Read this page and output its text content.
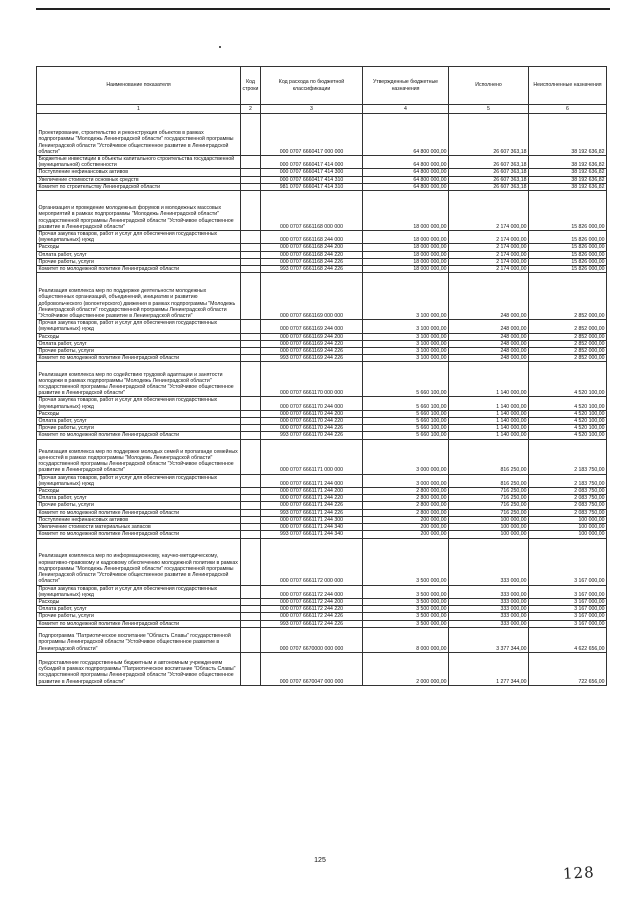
Наименование показателя	Код строки	Код расхода по бюджетной классификации	Утвержденные бюджетные назначения	Исполнено	Неисполненные назначения
1	2	3	4	5	6
Проектирование, строительство и реконструкция объектов в рамках подпрограммы "Молодежь Ленинградской области" государственной программы Ленинградской области "Устойчивое общественное развитие в Ленинградской области"		000 0707 6660417 000 000	64 800 000,00	26 607 363,18	38 192 636,82
Бюджетные инвестиции в объекты капитального строительства государственной (муниципальной) собственности		000 0707 6660417 414 000	64 800 000,00	26 607 363,18	38 192 636,82
Поступление нефинансовых активов		000 0707 6660417 414 300	64 800 000,00	26 607 363,18	38 192 636,82
Увеличение стоимости основных средств		000 0707 6660417 414 310	64 800 000,00	26 607 363,18	38 192 636,82
Комитет по строительству Ленинградской области		981 0707 6660417 414 310	64 800 000,00	26 607 363,18	38 192 636,82
Организация и проведение молодежных форумов и молодежных массовых мероприятий в рамках подпрограммы "Молодежь Ленинградской области" государственной программы Ленинградской области "Устойчивое общественное развитие в Ленинградской области"		000 0707 6661168 000 000	18 000 000,00	2 174 000,00	15 826 000,00
Прочая закупка товаров, работ и услуг для обеспечения государственных (муниципальных) нужд		000 0707 6661168 244 000	18 000 000,00	2 174 000,00	15 826 000,00
Расходы		000 0707 6661168 244 200	18 000 000,00	2 174 000,00	15 826 000,00
Оплата работ, услуг		000 0707 6661168 244 220	18 000 000,00	2 174 000,00	15 826 000,00
Прочие работы, услуги		000 0707 6661168 244 226	18 000 000,00	2 174 000,00	15 826 000,00
Комитет по молодежной политике Ленинградской области		993 0707 6661168 244 226	18 000 000,00	2 174 000,00	15 826 000,00
Реализация комплекса мер по поддержке деятельности молодежных общественных организаций, объединений, инициатив и развитию добровольческого (волонтерского) движения в рамках подпрограммы "Молодежь Ленинградской области" государственной программы Ленинградской области "Устойчивое общественное развитие в Ленинградской области"		000 0707 6661169 000 000	3 100 000,00	248 000,00	2 852 000,00
Прочая закупка товаров, работ и услуг для обеспечения государственных (муниципальных) нужд		000 0707 6661169 244 000	3 100 000,00	248 000,00	2 852 000,00
Расходы		000 0707 6661169 244 200	3 100 000,00	248 000,00	2 852 000,00
Оплата работ, услуг		000 0707 6661169 244 220	3 100 000,00	248 000,00	2 852 000,00
Прочие работы, услуги		000 0707 6661169 244 226	3 100 000,00	248 000,00	2 852 000,00
Комитет по молодежной политике Ленинградской области		993 0707 6661169 244 226	3 100 000,00	248 000,00	2 852 000,00
Реализация комплекса мер по содействию трудовой адаптации и занятости молодежи в рамках подпрограммы "Молодежь Ленинградской области" государственной программы Ленинградской области "Устойчивое общественное развитие в Ленинградской области"		000 0707 6661170 000 000	5 660 100,00	1 140 000,00	4 520 100,00
Прочая закупка товаров, работ и услуг для обеспечения государственных (муниципальных) нужд		000 0707 6661170 244 000	5 660 100,00	1 140 000,00	4 520 100,00
Расходы		000 0707 6661170 244 200	5 660 100,00	1 140 000,00	4 520 100,00
Оплата работ, услуг		000 0707 6661170 244 220	5 660 100,00	1 140 000,00	4 520 100,00
Прочие работы, услуги		000 0707 6661170 244 226	5 660 100,00	1 140 000,00	4 520 100,00
Комитет по молодежной политике Ленинградской области		993 0707 6661170 244 226	5 660 100,00	1 140 000,00	4 520 100,00
Реализация комплекса мер по поддержке молодых семей и пропаганде семейных ценностей в рамках подпрограммы "Молодежь Ленинградской области" государственной программы Ленинградской области "Устойчивое общественное развитие в Ленинградской области"		000 0707 6661171 000 000	3 000 000,00	816 250,00	2 183 750,00
Прочая закупка товаров, работ и услуг для обеспечения государственных (муниципальных) нужд		000 0707 6661171 244 000	3 000 000,00	816 250,00	2 183 750,00
Расходы		000 0707 6661171 244 200	2 800 000,00	716 250,00	2 083 750,00
Оплата работ, услуг		000 0707 6661171 244 220	2 800 000,00	716 250,00	2 083 750,00
Прочие работы, услуги		000 0707 6661171 244 226	2 800 000,00	716 250,00	2 083 750,00
Комитет по молодежной политике Ленинградской области		993 0707 6661171 244 226	2 800 000,00	716 250,00	2 083 750,00
Поступление нефинансовых активов		000 0707 6661171 244 300	200 000,00	100 000,00	100 000,00
Увеличение стоимости материальных запасов		000 0707 6661171 244 340	200 000,00	100 000,00	100 000,00
Комитет по молодежной политике Ленинградской области		993 0707 6661171 244 340	200 000,00	100 000,00	100 000,00
Реализация комплекса мер по информационному, научно-методическому, нормативно-правовому и кадровому обеспечению молодежной политики в рамках подпрограммы "Молодежь Ленинградской области" государственной программы Ленинградской области "Устойчивое общественное развитие в Ленинградской области"		000 0707 6661172 000 000	3 500 000,00	333 000,00	3 167 000,00
Прочая закупка товаров, работ и услуг для обеспечения государственных (муниципальных) нужд		000 0707 6661172 244 000	3 500 000,00	333 000,00	3 167 000,00
Расходы		000 0707 6661172 244 200	3 500 000,00	333 000,00	3 167 000,00
Оплата работ, услуг		000 0707 6661172 244 220	3 500 000,00	333 000,00	3 167 000,00
Прочие работы, услуги		000 0707 6661172 244 226	3 500 000,00	333 000,00	3 167 000,00
Комитет по молодежной политике Ленинградской области		993 0707 6661172 244 226	3 500 000,00	333 000,00	3 167 000,00
Подпрограмма "Патриотическое воспитание "Область Славы" государственной программы Ленинградской области "Устойчивое общественное развитие в Ленинградской области"		000 0707 6670000 000 000	8 000 000,00	3 377 344,00	4 622 656,00
Предоставление государственным бюджетным и автономным учреждениям субсидий в рамках подпрограммы "Патриотическое воспитание "Область Славы" государственной программы Ленинградской области "Устойчивое общественное развитие в Ленинградской области"		000 0707 6670047 000 000	2 000 000,00	1 277 344,00	722 656,00
125
128
